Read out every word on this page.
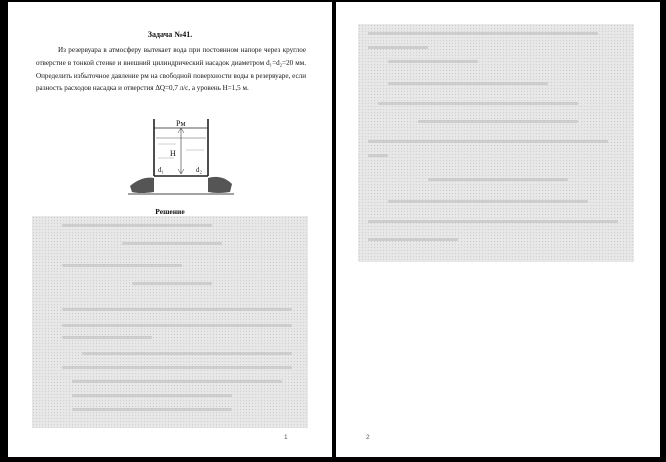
Задача №41.

Из резервуара в атмосферу вытекает вода при постоянном напоре через круглое отверстие в тонкой стенке и внешний цилиндрический насадок диаметром d₁=d₂=20 мм. Определить избыточное давление pм на свободной поверхности воды в резервуаре, если разность расходов насадка и отверстия ΔQ=0,7 л/с, а уровень H=1,5 м.

Pм
H
d₁	d₂
Решение
1	2
